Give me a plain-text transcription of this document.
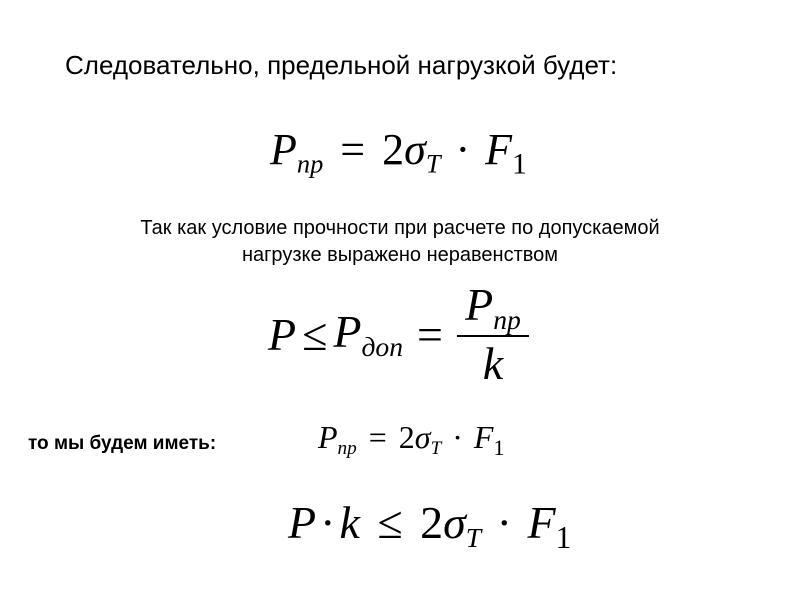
Следовательно, предельной нагрузкой будет:
$P_{пр} = 2\sigma_T \cdot F_1$
Так как условие прочности при расчете по допускаемой
нагрузке выражено неравенством
$P \le P_{доп} = \frac{P_{пр}}{k}$
то мы будем иметь:	$P_{пр} = 2\sigma_T \cdot F_1$
$P\cdot k \le 2\sigma_T \cdot F_1$
